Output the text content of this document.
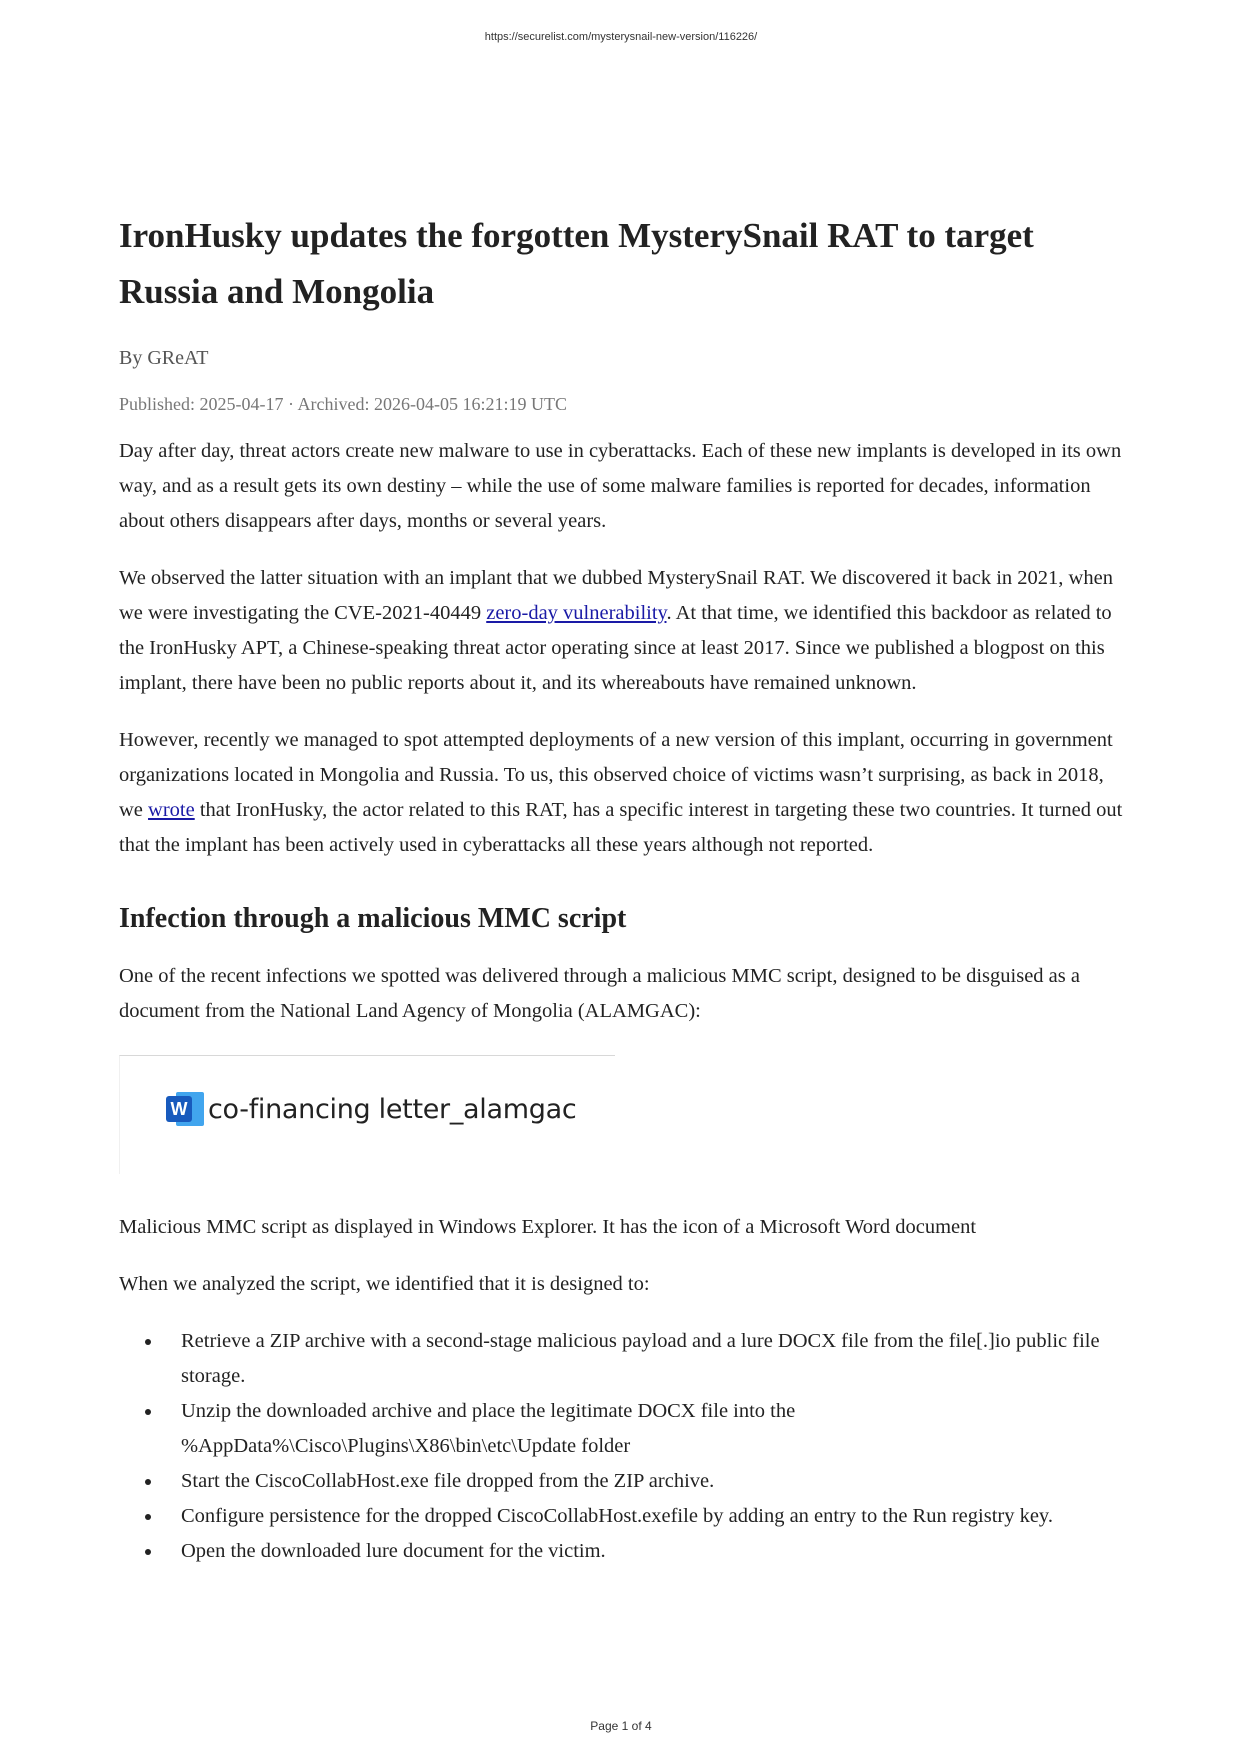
https://securelist.com/mysterysnail-new-version/116226/
IronHusky updates the forgotten MysterySnail RAT to target Russia and Mongolia
By GReAT
Published: 2025-04-17 · Archived: 2026-04-05 16:21:19 UTC

Day after day, threat actors create new malware to use in cyberattacks. Each of these new implants is developed in its own way, and as a result gets its own destiny – while the use of some malware families is reported for decades, information about others disappears after days, months or several years.

We observed the latter situation with an implant that we dubbed MysterySnail RAT. We discovered it back in 2021, when we were investigating the CVE-2021-40449 zero-day vulnerability. At that time, we identified this backdoor as related to the IronHusky APT, a Chinese-speaking threat actor operating since at least 2017. Since we published a blogpost on this implant, there have been no public reports about it, and its whereabouts have remained unknown.

However, recently we managed to spot attempted deployments of a new version of this implant, occurring in government organizations located in Mongolia and Russia. To us, this observed choice of victims wasn’t surprising, as back in 2018, we wrote that IronHusky, the actor related to this RAT, has a specific interest in targeting these two countries. It turned out that the implant has been actively used in cyberattacks all these years although not reported.

Infection through a malicious MMC script

One of the recent infections we spotted was delivered through a malicious MMC script, designed to be disguised as a document from the National Land Agency of Mongolia (ALAMGAC):

W co-financing letter_alamgac

Malicious MMC script as displayed in Windows Explorer. It has the icon of a Microsoft Word document

When we analyzed the script, we identified that it is designed to:

• Retrieve a ZIP archive with a second-stage malicious payload and a lure DOCX file from the file[.]io public file storage.
• Unzip the downloaded archive and place the legitimate DOCX file into the %AppData%\Cisco\Plugins\X86\bin\etc\Update folder
• Start the CiscoCollabHost.exe file dropped from the ZIP archive.
• Configure persistence for the dropped CiscoCollabHost.exefile by adding an entry to the Run registry key.
• Open the downloaded lure document for the victim.
Page 1 of 4
